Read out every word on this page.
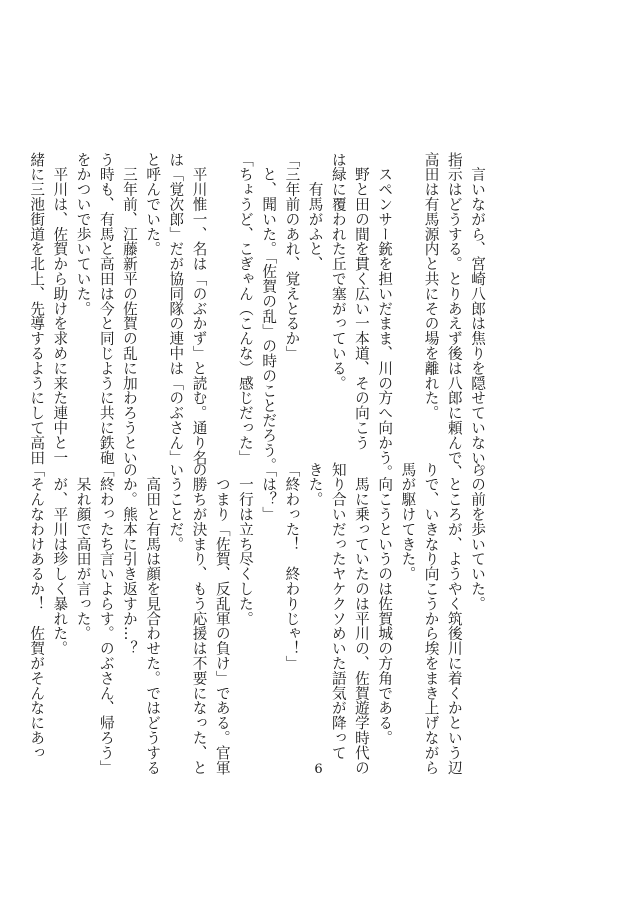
　言いながら、宮崎八郎は焦りを隠せていない。
指示はどうする。とりあえず後は八郎に頼んで、
高田は有馬源内と共にその場を離れた。

　スペンサー銃を担いだまま、川の方へ向かう。
　野と田の間を貫く広い一本道、その向こう
は緑に覆われた丘で塞がっている。
　　有馬がふと、
「三年前のあれ、覚えとるか」
　と、聞いた。「佐賀の乱」の時のことだろう。
「ちょうど、こぎゃん（こんな）感じだった」

　平川惟一、名は「のぶかず」と読む。通り名
は「覚次郎」だが協同隊の連中は「のぶさん」
と呼んでいた。
　三年前、江藤新平の佐賀の乱に加わろうとい
う時も、有馬と高田は今と同じように共に鉄砲
をかついで歩いていた。
　平川は、佐賀から助けを求めに来た連中と一
緒に三池街道を北上、先導するようにして高田
らの前を歩いていた。
　ところが、ようやく筑後川に着くかという辺
りで、いきなり向こうから埃をまき上げながら
馬が駆けてきた。
　向こうというのは佐賀城の方角である。
　馬に乗っていたのは平川の、佐賀遊学時代の
知り合いだったヤケクソめいた語気が降って
きた。
「終わった！　終わりじゃ！」
「は？」
　一行は立ち尽くした。
　つまり「佐賀、反乱軍の負け」である。官軍
の勝ちが決まり、もう応援は不要になった、と
いうことだ。
　高田と有馬は顔を見合わせた。ではどうする
のか。熊本に引き返すか…？
「終わったち言いよらす。のぶさん、帰ろう」
　呆れ顔で高田が言った。
　が、平川は珍しく暴れた。
「そんなわけあるか！　佐賀がそんなにあっ
6
